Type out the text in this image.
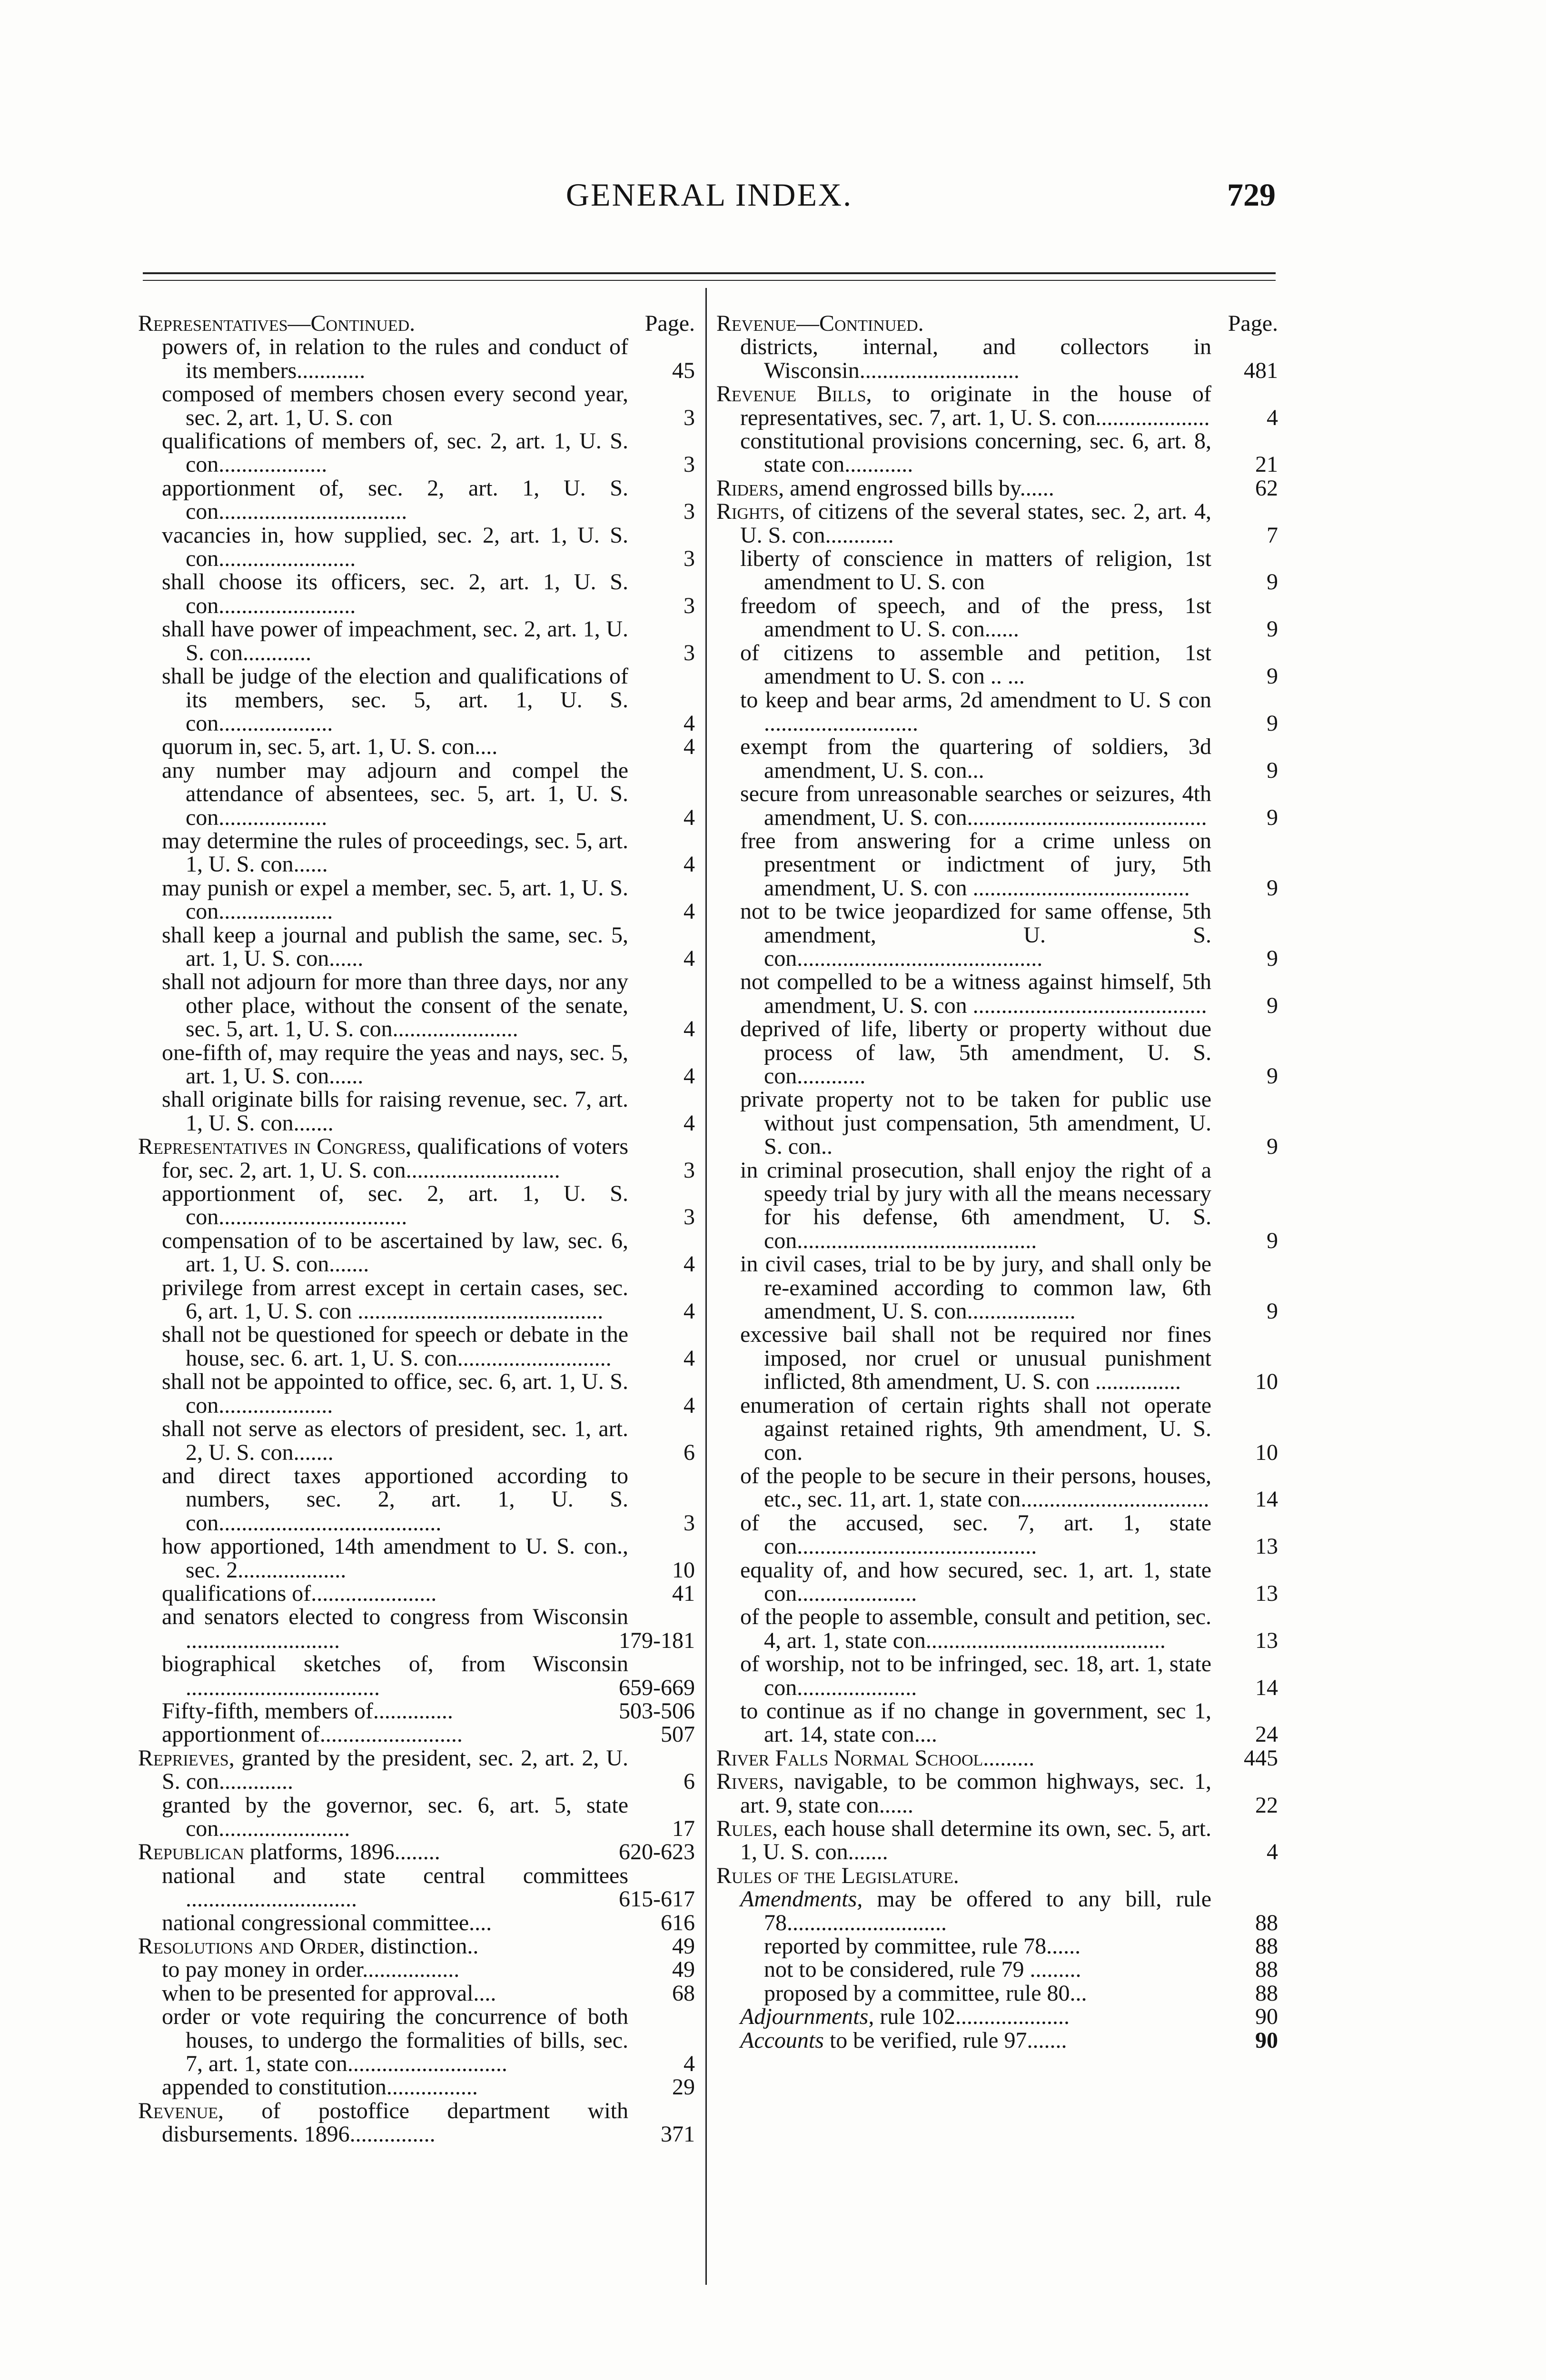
GENERAL INDEX.	729
Representatives—Continued.	Page.
powers of, in relation to the rules and conduct of its members............	45
composed of members chosen every second year, sec. 2, art. 1, U. S. con	3
qualifications of members of, sec. 2, art. 1, U. S. con...................	3
apportionment of, sec. 2, art. 1, U. S. con.................................	3
vacancies in, how supplied, sec. 2, art. 1, U. S. con........................	3
shall choose its officers, sec. 2, art. 1, U. S. con........................	3
shall have power of impeachment, sec. 2, art. 1, U. S. con............	3
shall be judge of the election and qualifications of its members, sec. 5, art. 1, U. S. con....................	4
quorum in, sec. 5, art. 1, U. S. con....	4
any number may adjourn and compel the attendance of absentees, sec. 5, art. 1, U. S. con...................	4
may determine the rules of proceedings, sec. 5, art. 1, U. S. con......	4
may punish or expel a member, sec. 5, art. 1, U. S. con....................	4
shall keep a journal and publish the same, sec. 5, art. 1, U. S. con......	4
shall not adjourn for more than three days, nor any other place, without the consent of the senate, sec. 5, art. 1, U. S. con......................	4
one-fifth of, may require the yeas and nays, sec. 5, art. 1, U. S. con......	4
shall originate bills for raising revenue, sec. 7, art. 1, U. S. con.......	4
Representatives in Congress, qualifications of voters for, sec. 2, art. 1, U. S. con...........................	3
apportionment of, sec. 2, art. 1, U. S. con.................................	3
compensation of to be ascertained by law, sec. 6, art. 1, U. S. con.......	4
privilege from arrest except in certain cases, sec. 6, art. 1, U. S. con ...........................................	4
shall not be questioned for speech or debate in the house, sec. 6. art. 1, U. S. con...........................	4
shall not be appointed to office, sec. 6, art. 1, U. S. con....................	4
shall not serve as electors of president, sec. 1, art. 2, U. S. con.......	6
and direct taxes apportioned according to numbers, sec. 2, art. 1, U. S. con.......................................	3
how apportioned, 14th amendment to U. S. con., sec. 2...................	10
qualifications of......................	41
and senators elected to congress from Wisconsin ...........................	179-181
biographical sketches of, from Wisconsin ..................................	659-669
Fifty-fifth, members of..............	503-506
apportionment of.........................	507
Reprieves, granted by the president, sec. 2, art. 2, U. S. con.............	6
granted by the governor, sec. 6, art. 5, state con.......................	17
Republican platforms, 1896........	620-623
national and state central committees ..............................	615-617
national congressional committee....	616
Resolutions and Order, distinction..	49
to pay money in order.................	49
when to be presented for approval....	68
order or vote requiring the concurrence of both houses, to undergo the formalities of bills, sec. 7, art. 1, state con............................	4
appended to constitution................	29
Revenue, of postoffice department with disbursements. 1896...............	371
Revenue—Continued.	Page.
districts, internal, and collectors in Wisconsin............................	481
Revenue Bills, to originate in the house of representatives, sec. 7, art. 1, U. S. con.................... 4
constitutional provisions concerning, sec. 6, art. 8, state con............	21
Riders, amend engrossed bills by......	62
Rights, of citizens of the several states, sec. 2, art. 4, U. S. con............	7
liberty of conscience in matters of religion, 1st amendment to U. S. con	9
freedom of speech, and of the press, 1st amendment to U. S. con......	9
of citizens to assemble and petition, 1st amendment to U. S. con .. ...	9
to keep and bear arms, 2d amendment to U. S con ...........................	9
exempt from the quartering of soldiers, 3d amendment, U. S. con...	9
secure from unreasonable searches or seizures, 4th amendment, U. S. con..........................................	9
free from answering for a crime unless on presentment or indictment of jury, 5th amendment, U. S. con ......................................	9
not to be twice jeopardized for same offense, 5th amendment, U. S. con...........................................	9
not compelled to be a witness against himself, 5th amendment, U. S. con .........................................	9
deprived of life, liberty or property without due process of law, 5th amendment, U. S. con............	9
private property not to be taken for public use without just compensation, 5th amendment, U. S. con..	9
in criminal prosecution, shall enjoy the right of a speedy trial by jury with all the means necessary for his defense, 6th amendment, U. S. con..........................................	9
in civil cases, trial to be by jury, and shall only be re-examined according to common law, 6th amendment, U. S. con...................	9
excessive bail shall not be required nor fines imposed, nor cruel or unusual punishment inflicted, 8th amendment, U. S. con ...............	10
enumeration of certain rights shall not operate against retained rights, 9th amendment, U. S. con.	10
of the people to be secure in their persons, houses, etc., sec. 11, art. 1, state con................................. 14
of the accused, sec. 7, art. 1, state con..........................................	13
equality of, and how secured, sec. 1, art. 1, state con.....................	13
of the people to assemble, consult and petition, sec. 4, art. 1, state con..........................................	13
of worship, not to be infringed, sec. 18, art. 1, state con.....................	14
to continue as if no change in government, sec 1, art. 14, state con....	24
River Falls Normal School.........	445
Rivers, navigable, to be common highways, sec. 1, art. 9, state con......	22
Rules, each house shall determine its own, sec. 5, art. 1, U. S. con.......	4
Rules of the Legislature.
Amendments, may be offered to any bill, rule 78............................	88
reported by committee, rule 78......	88
not to be considered, rule 79 .........	88
proposed by a committee, rule 80...	88
Adjournments, rule 102....................	90
Accounts to be verified, rule 97.......	90
